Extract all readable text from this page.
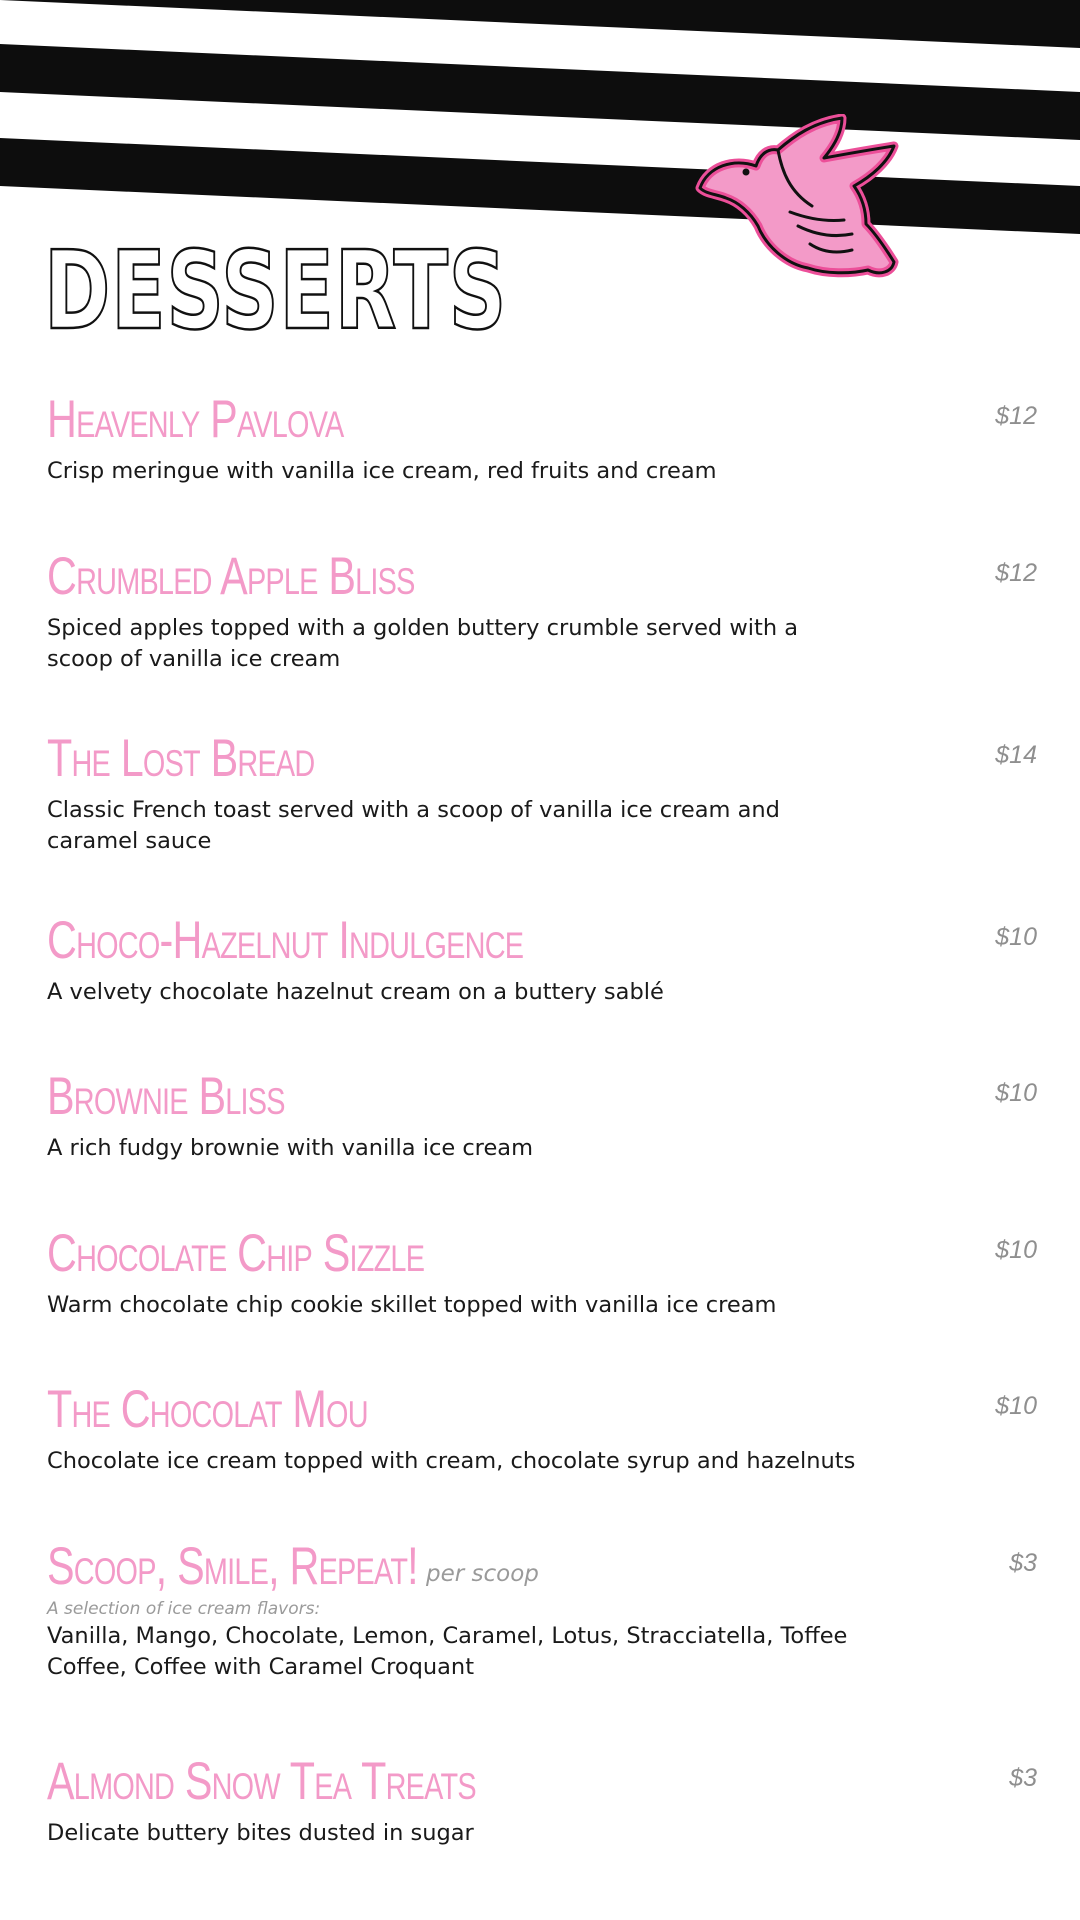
DESSERTS
Heavenly Pavlova	$12

Crisp meringue with vanilla ice cream, red fruits and cream

Crumbled Apple Bliss	$12

Spiced apples topped with a golden buttery crumble served with a scoop of vanilla ice cream

The Lost Bread	$14

Classic French toast served with a scoop of vanilla ice cream and caramel sauce

Choco-Hazelnut Indulgence	$10

A velvety chocolate hazelnut cream on a buttery sablé

Brownie Bliss	$10

A rich fudgy brownie with vanilla ice cream

Chocolate Chip Sizzle	$10

Warm chocolate chip cookie skillet topped with vanilla ice cream

The Chocolat Mou	$10

Chocolate ice cream topped with cream, chocolate syrup and hazelnuts

Scoop, Smile, Repeat! per scoop	$3

A selection of ice cream flavors:

Vanilla, Mango, Chocolate, Lemon, Caramel, Lotus, Stracciatella, Toffee Coffee, Coffee with Caramel Croquant

Almond Snow Tea Treats	$3

Delicate buttery bites dusted in sugar
